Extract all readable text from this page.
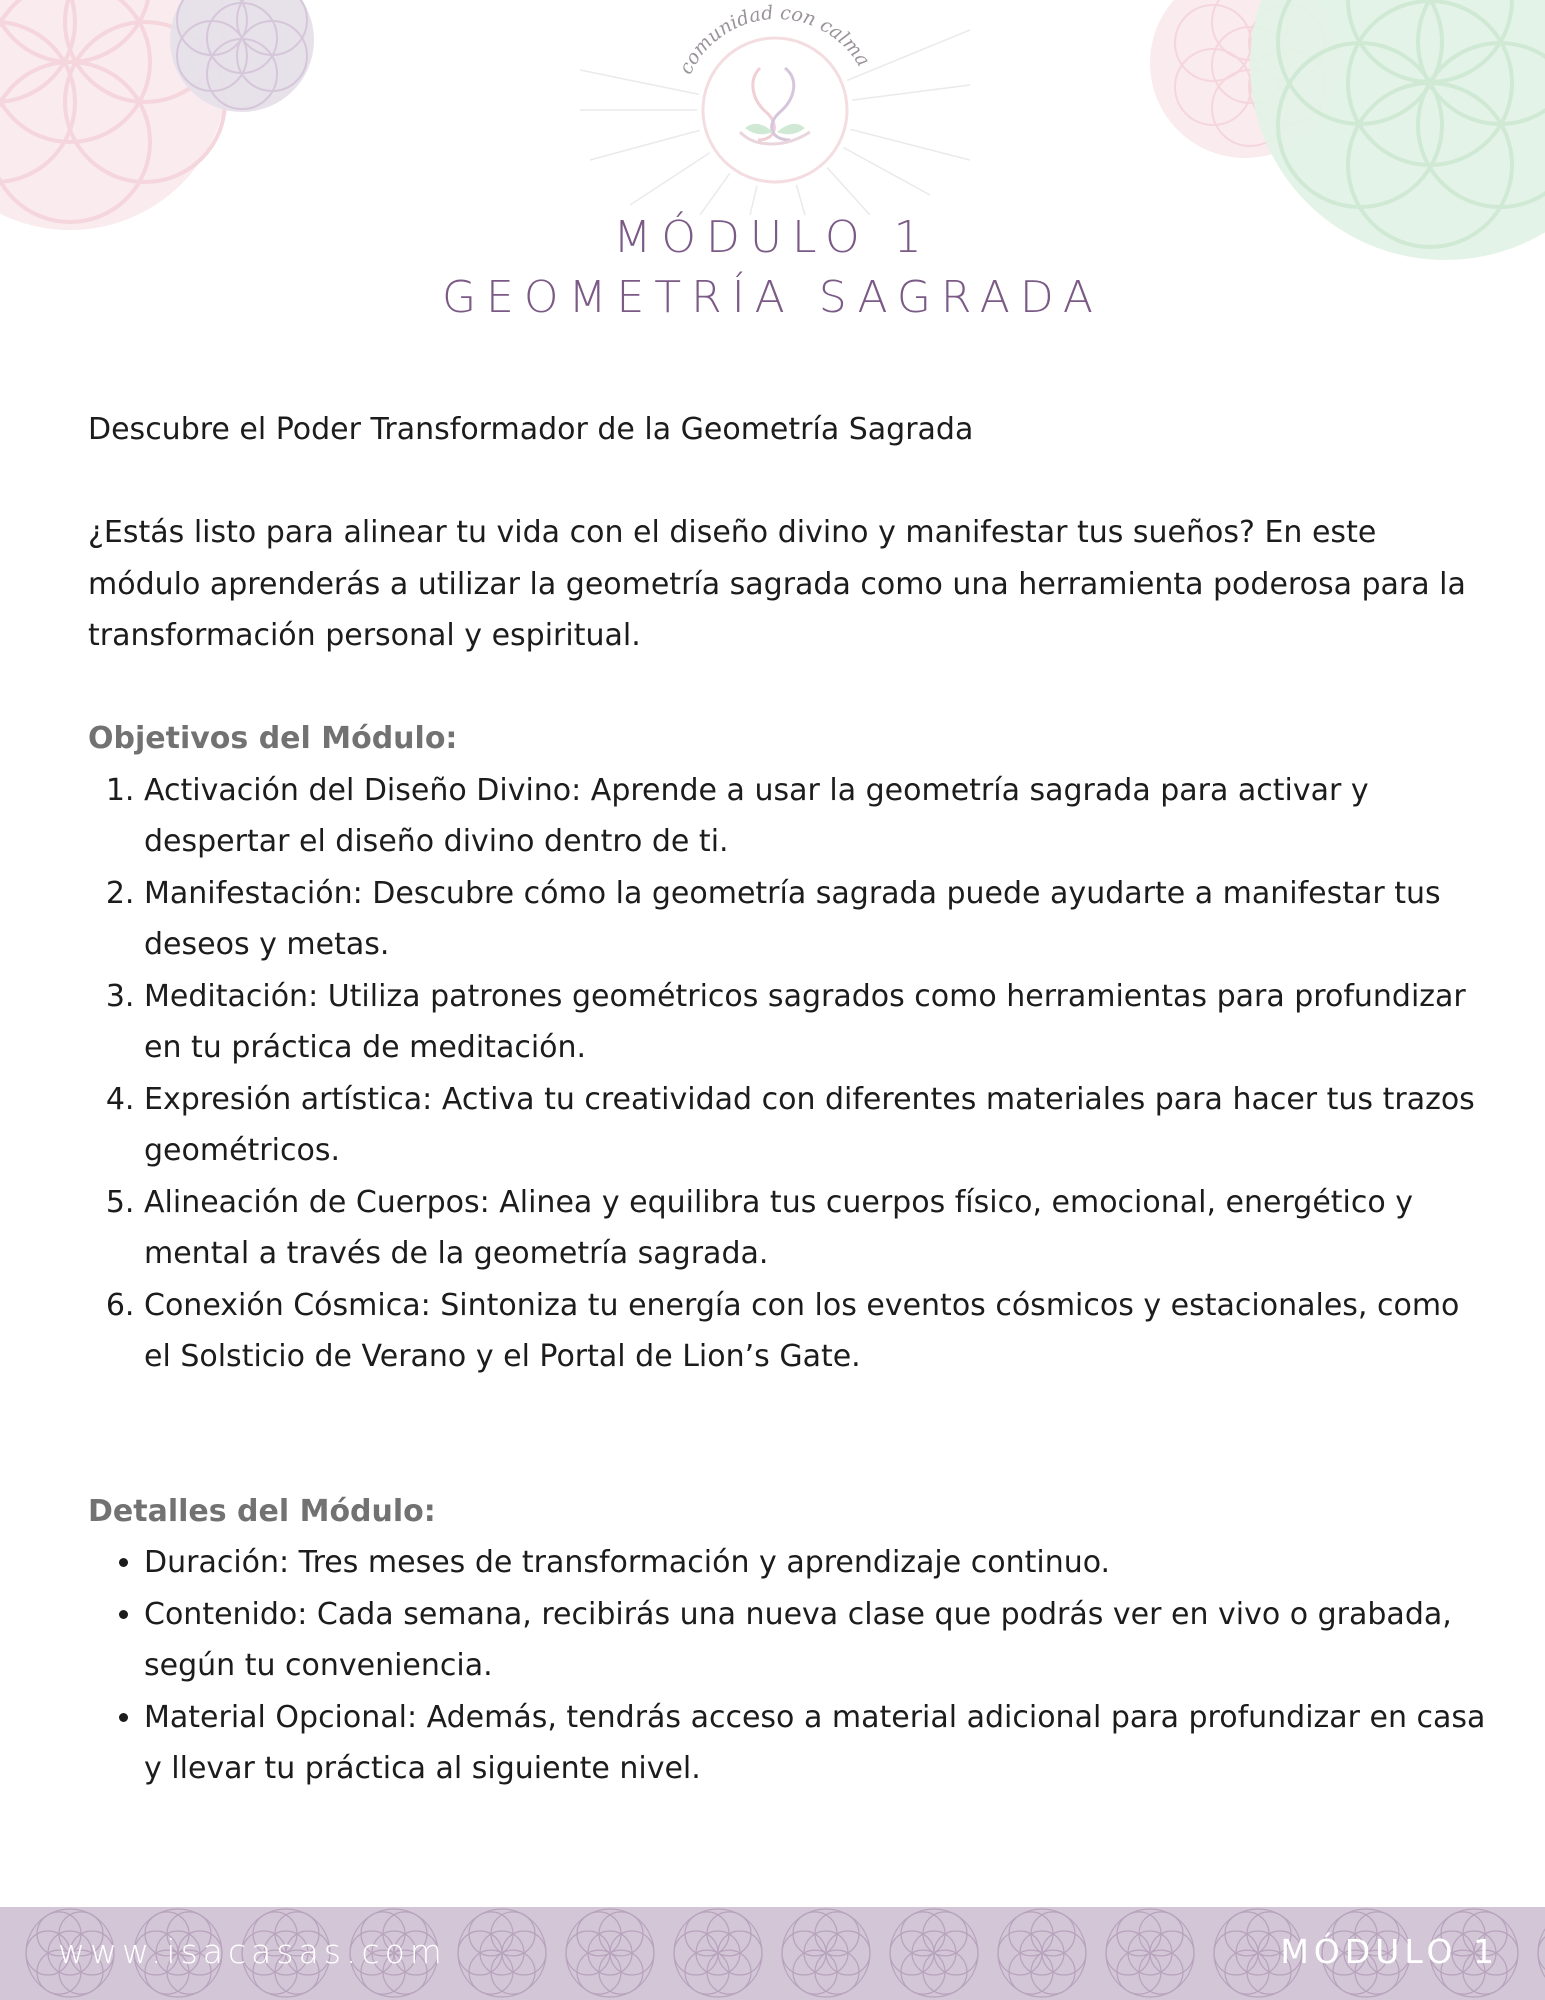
comunidad con calma
MÓDULO 1
GEOMETRÍA SAGRADA

Descubre el Poder Transformador de la Geometría Sagrada

¿Estás listo para alinear tu vida con el diseño divino y manifestar tus sueños? En este módulo aprenderás a utilizar la geometría sagrada como una herramienta poderosa para la transformación personal y espiritual.

Objetivos del Módulo:

1. Activación del Diseño Divino: Aprende a usar la geometría sagrada para activar y despertar el diseño divino dentro de ti.
2. Manifestación: Descubre cómo la geometría sagrada puede ayudarte a manifestar tus deseos y metas.
3. Meditación: Utiliza patrones geométricos sagrados como herramientas para profundizar en tu práctica de meditación.
4. Expresión artística: Activa tu creatividad con diferentes materiales para hacer tus trazos geométricos.
5. Alineación de Cuerpos: Alinea y equilibra tus cuerpos físico, emocional, energético y mental a través de la geometría sagrada.
6. Conexión Cósmica: Sintoniza tu energía con los eventos cósmicos y estacionales, como el Solsticio de Verano y el Portal de Lion’s Gate.

Detalles del Módulo:

• Duración: Tres meses de transformación y aprendizaje continuo.
• Contenido: Cada semana, recibirás una nueva clase que podrás ver en vivo o grabada, según tu conveniencia.
• Material Opcional: Además, tendrás acceso a material adicional para profundizar en casa y llevar tu práctica al siguiente nivel.
www.isacasas.com	MÓDULO 1
